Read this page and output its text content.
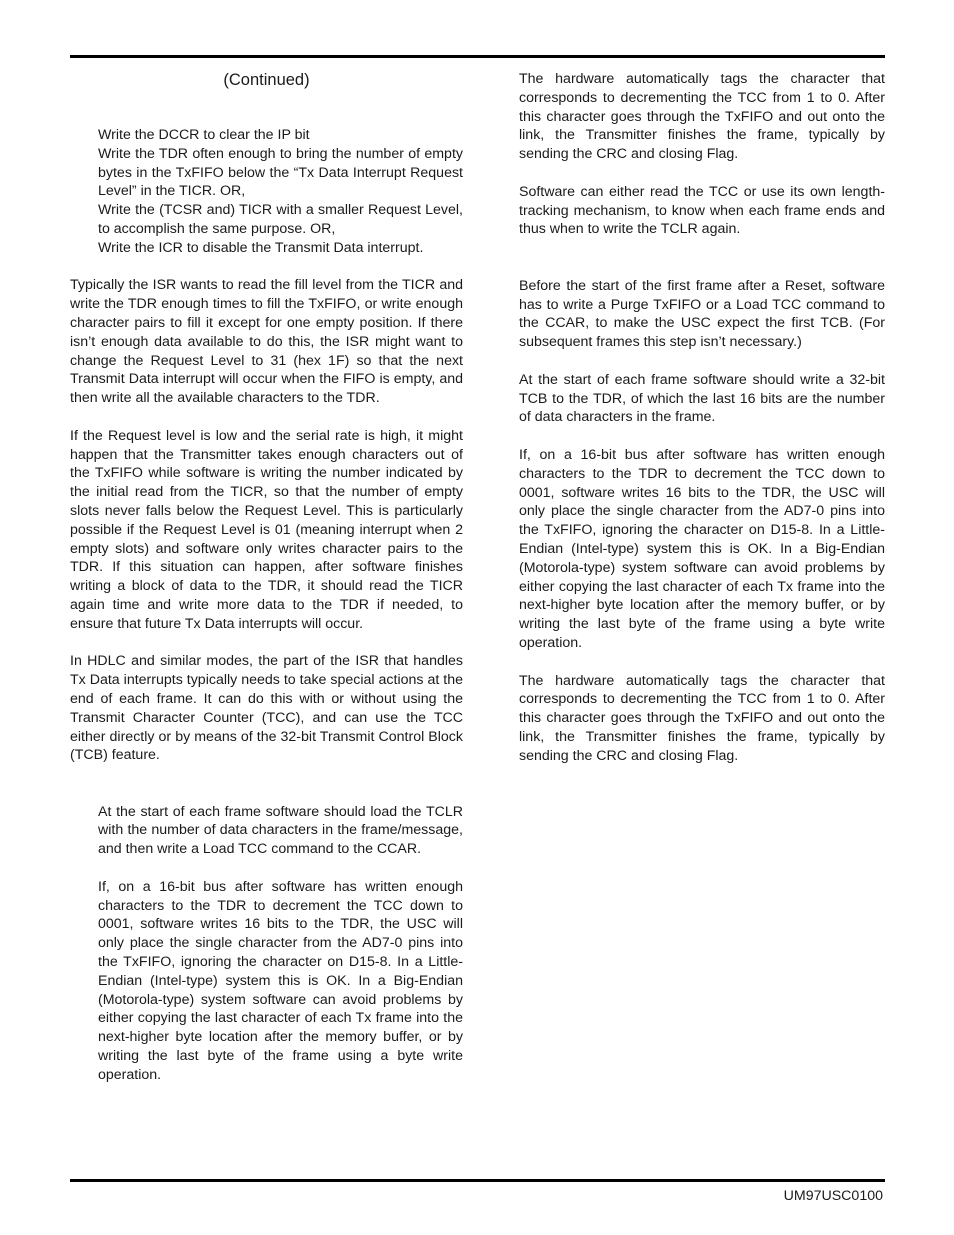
(Continued)

Write the DCCR to clear the IP bit

Write the TDR often enough to bring the number of empty bytes in the TxFIFO below the “Tx Data Interrupt Request Level” in the TICR. OR,

Write the (TCSR and) TICR with a smaller Request Level, to accomplish the same purpose. OR,

Write the ICR to disable the Transmit Data interrupt.

Typically the ISR wants to read the fill level from the TICR and write the TDR enough times to fill the TxFIFO, or write enough character pairs to fill it except for one empty position. If there isn’t enough data available to do this, the ISR might want to change the Request Level to 31 (hex 1F) so that the next Transmit Data interrupt will occur when the FIFO is empty, and then write all the available characters to the TDR.

If the Request level is low and the serial rate is high, it might happen that the Transmitter takes enough characters out of the TxFIFO while software is writing the number indicated by the initial read from the TICR, so that the number of empty slots never falls below the Request Level. This is particularly possible if the Request Level is 01 (meaning interrupt when 2 empty slots) and software only writes character pairs to the TDR. If this situation can happen, after software finishes writing a block of data to the TDR, it should read the TICR again time and write more data to the TDR if needed, to ensure that future Tx Data interrupts will occur.

In HDLC and similar modes, the part of the ISR that handles Tx Data interrupts typically needs to take special actions at the end of each frame. It can do this with or without using the Transmit Character Counter (TCC), and can use the TCC either directly or by means of the 32-bit Transmit Control Block (TCB) feature.

At the start of each frame software should load the TCLR with the number of data characters in the frame/message, and then write a Load TCC command to the CCAR.

If, on a 16-bit bus after software has written enough characters to the TDR to decrement the TCC down to 0001, software writes 16 bits to the TDR, the USC will only place the single character from the AD7-0 pins into the TxFIFO, ignoring the character on D15-8. In a Little-Endian (Intel-type) system this is OK. In a Big-Endian (Motorola-type) system software can avoid problems by either copying the last character of each Tx frame into the next-higher byte location after the memory buffer, or by writing the last byte of the frame using a byte write operation.

The hardware automatically tags the character that corresponds to decrementing the TCC from 1 to 0. After this character goes through the TxFIFO and out onto the link, the Transmitter finishes the frame, typically by sending the CRC and closing Flag.

Software can either read the TCC or use its own length-tracking mechanism, to know when each frame ends and thus when to write the TCLR again.

Before the start of the first frame after a Reset, software has to write a Purge TxFIFO or a Load TCC command to the CCAR, to make the USC expect the first TCB. (For subsequent frames this step isn’t necessary.)

At the start of each frame software should write a 32-bit TCB to the TDR, of which the last 16 bits are the number of data characters in the frame.

If, on a 16-bit bus after software has written enough characters to the TDR to decrement the TCC down to 0001, software writes 16 bits to the TDR, the USC will only place the single character from the AD7-0 pins into the TxFIFO, ignoring the character on D15-8. In a Little-Endian (Intel-type) system this is OK. In a Big-Endian (Motorola-type) system software can avoid problems by either copying the last character of each Tx frame into the next-higher byte location after the memory buffer, or by writing the last byte of the frame using a byte write operation.

The hardware automatically tags the character that corresponds to decrementing the TCC from 1 to 0. After this character goes through the TxFIFO and out onto the link, the Transmitter finishes the frame, typically by sending the CRC and closing Flag.

UM97USC0100
